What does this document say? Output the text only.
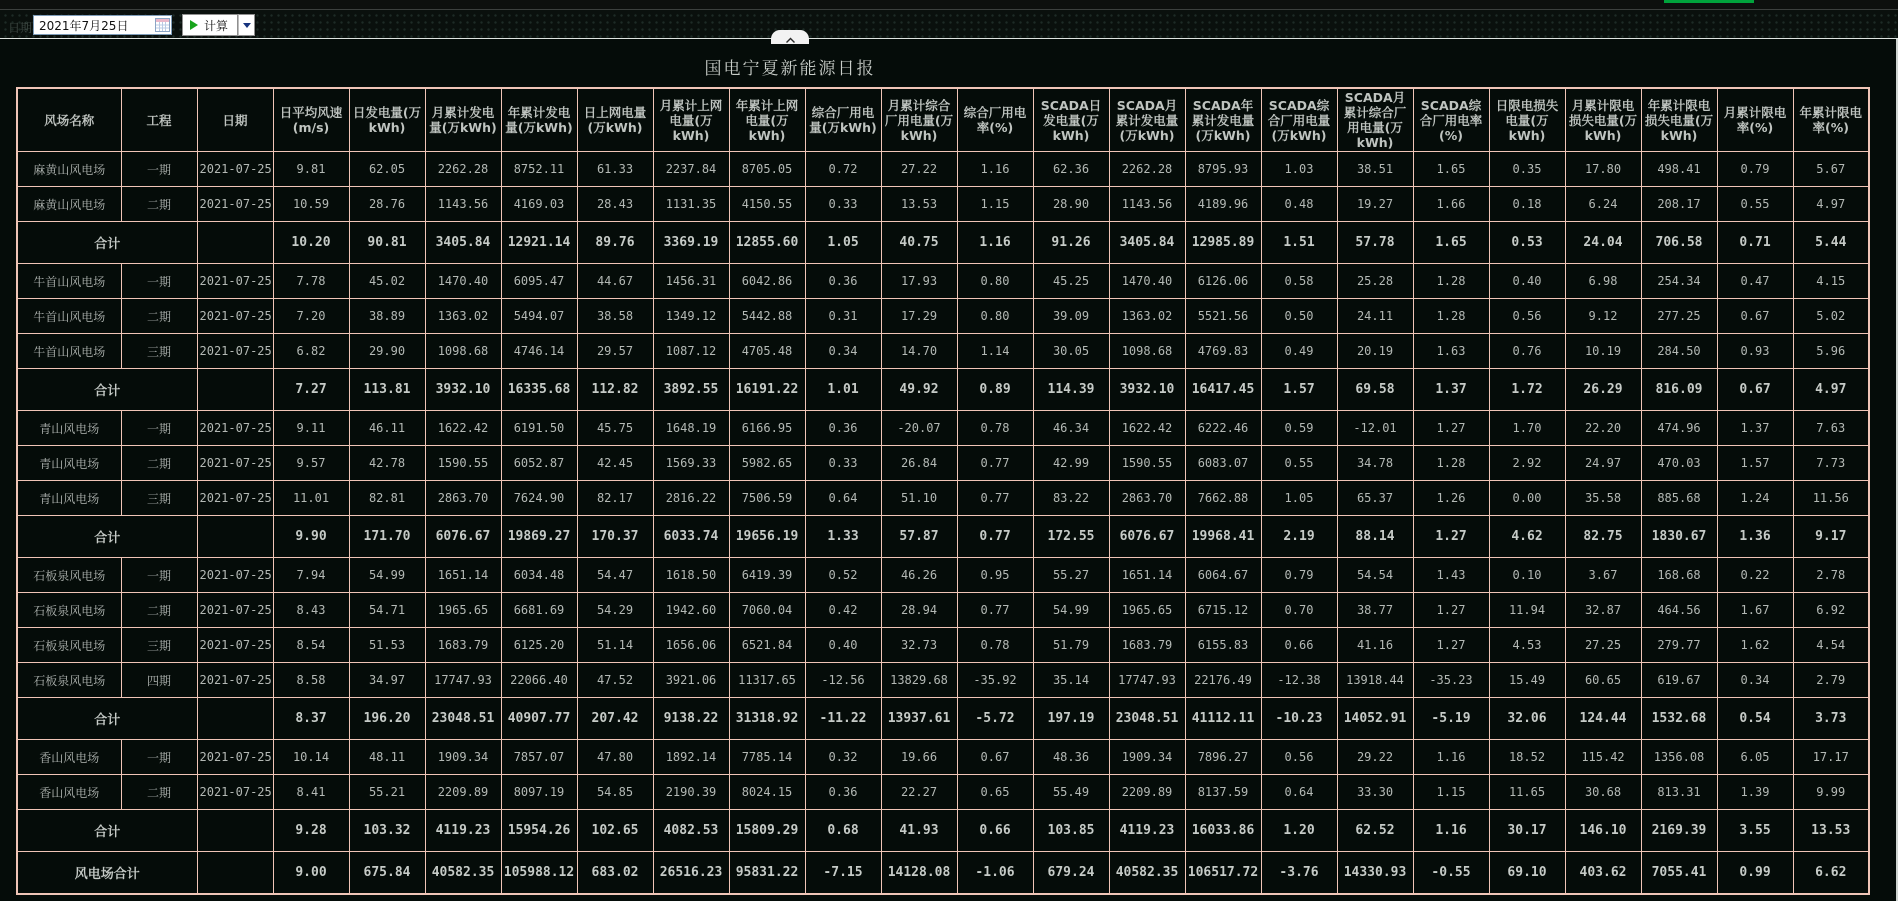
日期 2021年7月25日	计算
国电宁夏新能源日报
风场名称	工程	日期	日平均风速(m/s)	日发电量(万kWh)	月累计发电量(万kWh)	年累计发电量(万kWh)	日上网电量(万kWh)	月累计上网电量(万kWh)	年累计上网电量(万kWh)	综合厂用电量(万kWh)	月累计综合厂用电量(万kWh)	综合厂用电率(%)	SCADA日发电量(万kWh)	SCADA月累计发电量(万kWh)	SCADA年累计发电量(万kWh)	SCADA综合厂用电量(万kWh)	SCADA月累计综合厂用电量(万kWh)	SCADA综合厂用电率(%)	日限电损失电量(万kWh)	月累计限电损失电量(万kWh)	年累计限电损失电量(万kWh)	月累计限电率(%)	年累计限电率(%)
麻黄山风电场	一期	2021-07-25	9.81	62.05	2262.28	8752.11	61.33	2237.84	8705.05	0.72	27.22	1.16	62.36	2262.28	8795.93	1.03	38.51	1.65	0.35	17.80	498.41	0.79	5.67
麻黄山风电场	二期	2021-07-25	10.59	28.76	1143.56	4169.03	28.43	1131.35	4150.55	0.33	13.53	1.15	28.90	1143.56	4189.96	0.48	19.27	1.66	0.18	6.24	208.17	0.55	4.97
合计			10.20	90.81	3405.84	12921.14	89.76	3369.19	12855.60	1.05	40.75	1.16	91.26	3405.84	12985.89	1.51	57.78	1.65	0.53	24.04	706.58	0.71	5.44
牛首山风电场	一期	2021-07-25	7.78	45.02	1470.40	6095.47	44.67	1456.31	6042.86	0.36	17.93	0.80	45.25	1470.40	6126.06	0.58	25.28	1.28	0.40	6.98	254.34	0.47	4.15
牛首山风电场	二期	2021-07-25	7.20	38.89	1363.02	5494.07	38.58	1349.12	5442.88	0.31	17.29	0.80	39.09	1363.02	5521.56	0.50	24.11	1.28	0.56	9.12	277.25	0.67	5.02
牛首山风电场	三期	2021-07-25	6.82	29.90	1098.68	4746.14	29.57	1087.12	4705.48	0.34	14.70	1.14	30.05	1098.68	4769.83	0.49	20.19	1.63	0.76	10.19	284.50	0.93	5.96
合计			7.27	113.81	3932.10	16335.68	112.82	3892.55	16191.22	1.01	49.92	0.89	114.39	3932.10	16417.45	1.57	69.58	1.37	1.72	26.29	816.09	0.67	4.97
青山风电场	一期	2021-07-25	9.11	46.11	1622.42	6191.50	45.75	1648.19	6166.95	0.36	-20.07	0.78	46.34	1622.42	6222.46	0.59	-12.01	1.27	1.70	22.20	474.96	1.37	7.63
青山风电场	二期	2021-07-25	9.57	42.78	1590.55	6052.87	42.45	1569.33	5982.65	0.33	26.84	0.77	42.99	1590.55	6083.07	0.55	34.78	1.28	2.92	24.97	470.03	1.57	7.73
青山风电场	三期	2021-07-25	11.01	82.81	2863.70	7624.90	82.17	2816.22	7506.59	0.64	51.10	0.77	83.22	2863.70	7662.88	1.05	65.37	1.26	0.00	35.58	885.68	1.24	11.56
合计			9.90	171.70	6076.67	19869.27	170.37	6033.74	19656.19	1.33	57.87	0.77	172.55	6076.67	19968.41	2.19	88.14	1.27	4.62	82.75	1830.67	1.36	9.17
石板泉风电场	一期	2021-07-25	7.94	54.99	1651.14	6034.48	54.47	1618.50	6419.39	0.52	46.26	0.95	55.27	1651.14	6064.67	0.79	54.54	1.43	0.10	3.67	168.68	0.22	2.78
石板泉风电场	二期	2021-07-25	8.43	54.71	1965.65	6681.69	54.29	1942.60	7060.04	0.42	28.94	0.77	54.99	1965.65	6715.12	0.70	38.77	1.27	11.94	32.87	464.56	1.67	6.92
石板泉风电场	三期	2021-07-25	8.54	51.53	1683.79	6125.20	51.14	1656.06	6521.84	0.40	32.73	0.78	51.79	1683.79	6155.83	0.66	41.16	1.27	4.53	27.25	279.77	1.62	4.54
石板泉风电场	四期	2021-07-25	8.58	34.97	17747.93	22066.40	47.52	3921.06	11317.65	-12.56	13829.68	-35.92	35.14	17747.93	22176.49	-12.38	13918.44	-35.23	15.49	60.65	619.67	0.34	2.79
合计			8.37	196.20	23048.51	40907.77	207.42	9138.22	31318.92	-11.22	13937.61	-5.72	197.19	23048.51	41112.11	-10.23	14052.91	-5.19	32.06	124.44	1532.68	0.54	3.73
香山风电场	一期	2021-07-25	10.14	48.11	1909.34	7857.07	47.80	1892.14	7785.14	0.32	19.66	0.67	48.36	1909.34	7896.27	0.56	29.22	1.16	18.52	115.42	1356.08	6.05	17.17
香山风电场	二期	2021-07-25	8.41	55.21	2209.89	8097.19	54.85	2190.39	8024.15	0.36	22.27	0.65	55.49	2209.89	8137.59	0.64	33.30	1.15	11.65	30.68	813.31	1.39	9.99
合计			9.28	103.32	4119.23	15954.26	102.65	4082.53	15809.29	0.68	41.93	0.66	103.85	4119.23	16033.86	1.20	62.52	1.16	30.17	146.10	2169.39	3.55	13.53
风电场合计			9.00	675.84	40582.35	105988.12	683.02	26516.23	95831.22	-7.15	14128.08	-1.06	679.24	40582.35	106517.72	-3.76	14330.93	-0.55	69.10	403.62	7055.41	0.99	6.62
